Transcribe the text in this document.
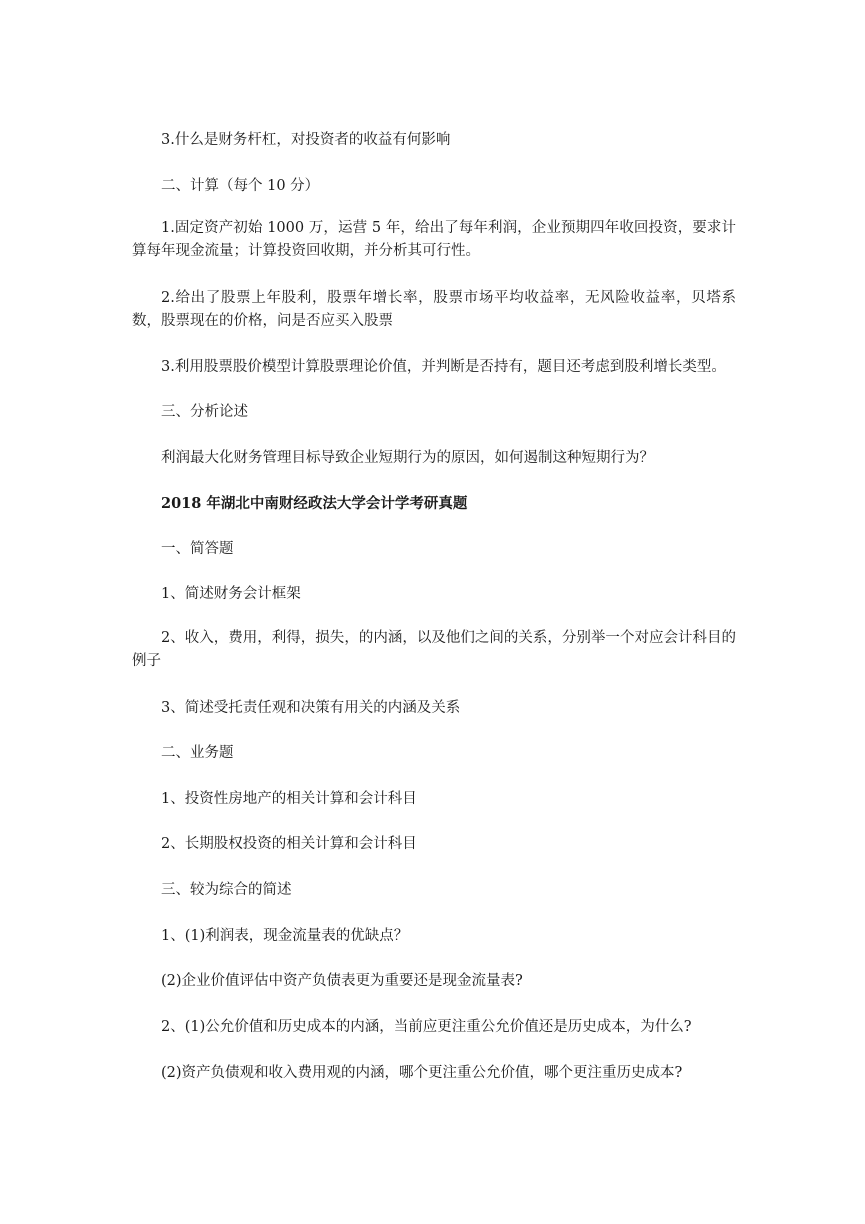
3.什么是财务杆杠，对投资者的收益有何影响
二、计算（每个 10 分）
1.固定资产初始 1000 万，运营 5 年，给出了每年利润，企业预期四年收回投资，要求计算每年现金流量；计算投资回收期，并分析其可行性。
2.给出了股票上年股利，股票年增长率，股票市场平均收益率，无风险收益率，贝塔系数，股票现在的价格，问是否应买入股票
3.利用股票股价模型计算股票理论价值，并判断是否持有，题目还考虑到股利增长类型。
三、分析论述
利润最大化财务管理目标导致企业短期行为的原因，如何遏制这种短期行为？
2018 年湖北中南财经政法大学会计学考研真题
一、简答题
1、简述财务会计框架
2、收入，费用，利得，损失，的内涵，以及他们之间的关系，分别举一个对应会计科目的例子
3、简述受托责任观和决策有用关的内涵及关系
二、业务题
1、投资性房地产的相关计算和会计科目
2、长期股权投资的相关计算和会计科目
三、较为综合的简述
1、(1)利润表，现金流量表的优缺点？
(2)企业价值评估中资产负债表更为重要还是现金流量表?
2、(1)公允价值和历史成本的内涵，当前应更注重公允价值还是历史成本，为什么?
(2)资产负债观和收入费用观的内涵，哪个更注重公允价值，哪个更注重历史成本?
